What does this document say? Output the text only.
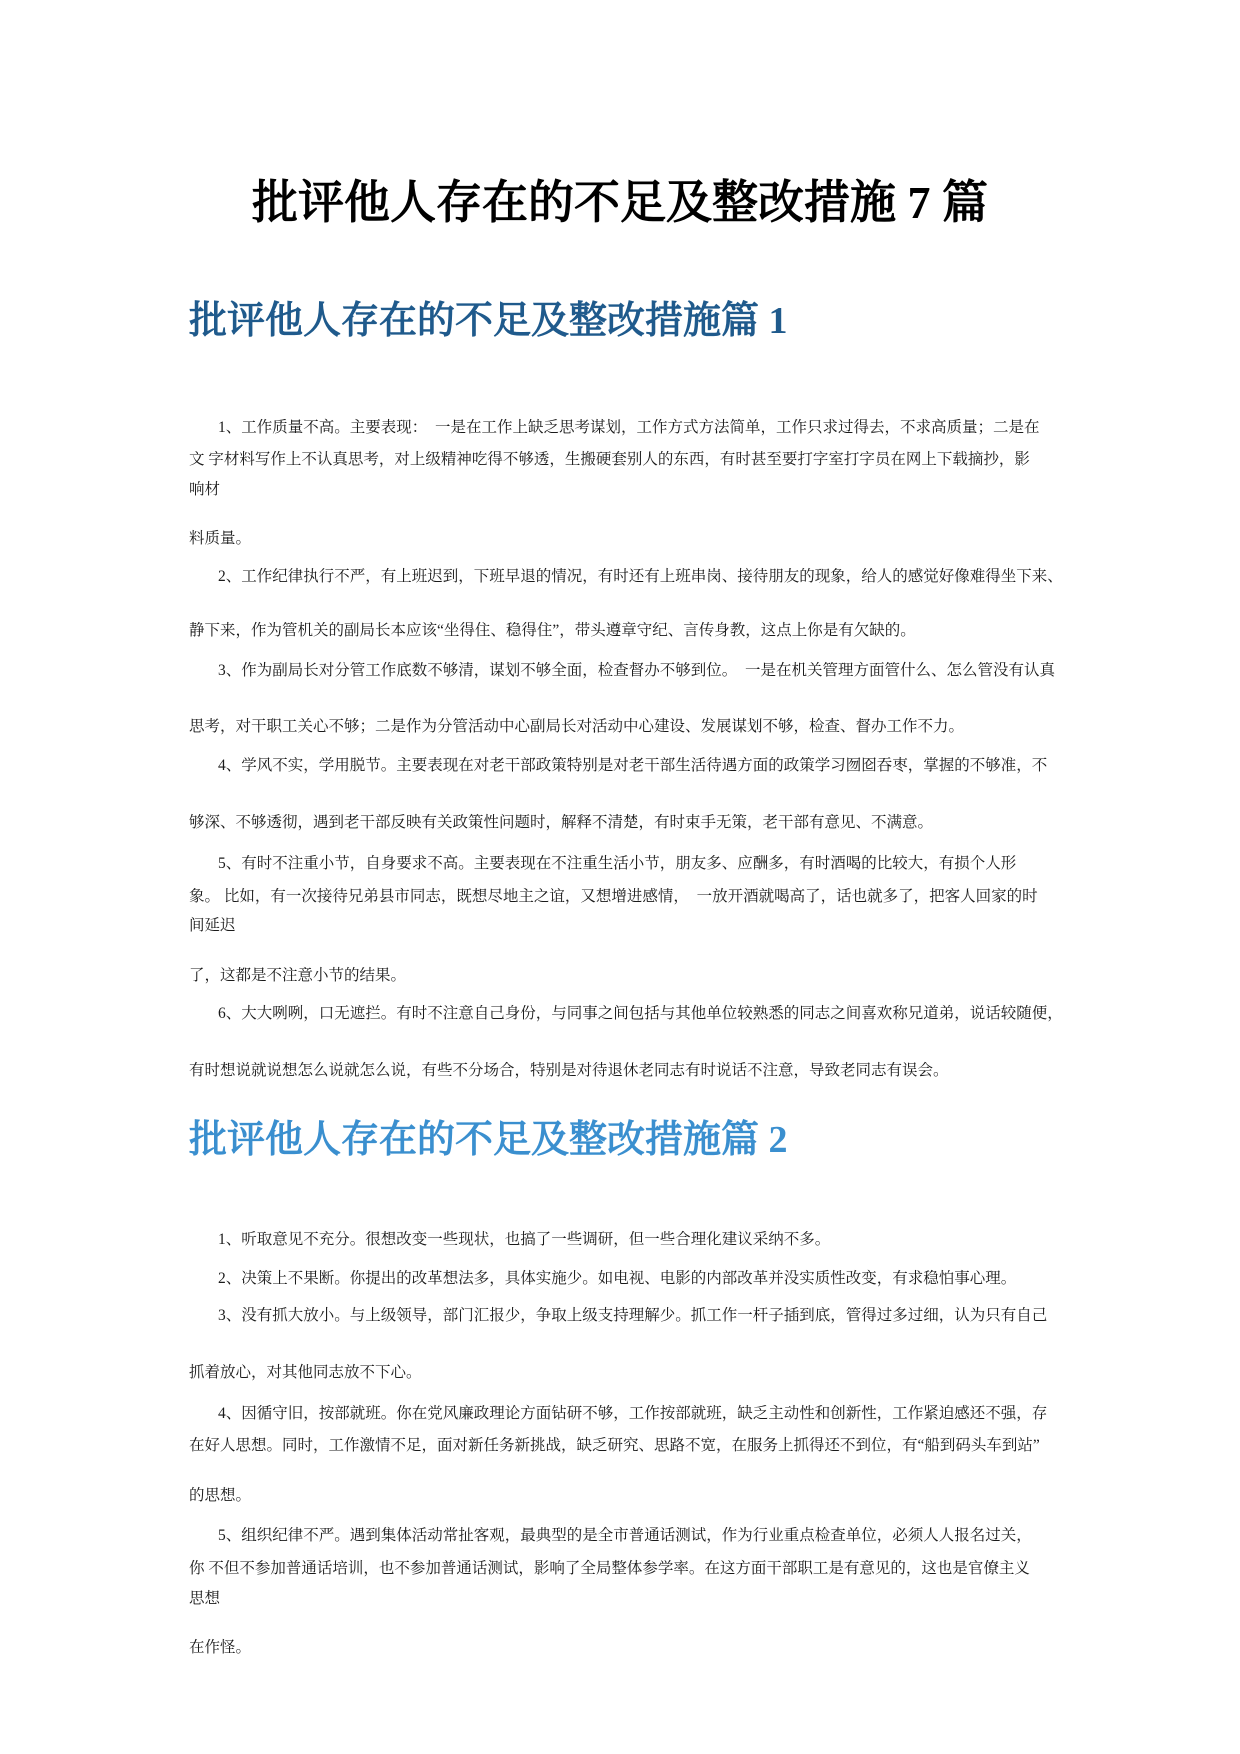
批评他人存在的不足及整改措施 7 篇
批评他人存在的不足及整改措施篇 1
1、工作质量不高。主要表现：　一是在工作上缺乏思考谋划，工作方式方法简单，工作只求过得去，不求高质量；二是在
文 字材料写作上不认真思考，对上级精神吃得不够透，生搬硬套别人的东西，有时甚至要打字室打字员在网上下载摘抄，影
响材
料质量。
2、工作纪律执行不严，有上班迟到，下班早退的情况，有时还有上班串岗、接待朋友的现象，给人的感觉好像难得坐下来、
静下来，作为管机关的副局长本应该“坐得住、稳得住”，带头遵章守纪、言传身教，这点上你是有欠缺的。
3、作为副局长对分管工作底数不够清，谋划不够全面，检查督办不够到位。　一是在机关管理方面管什么、怎么管没有认真
思考，对干职工关心不够；二是作为分管活动中心副局长对活动中心建设、发展谋划不够，检查、督办工作不力。
4、学风不实，学用脱节。主要表现在对老干部政策特别是对老干部生活待遇方面的政策学习囫囵吞枣，掌握的不够准，不
够深、不够透彻，遇到老干部反映有关政策性问题时，解释不清楚，有时束手无策，老干部有意见、不满意。
5、有时不注重小节，自身要求不高。主要表现在不注重生活小节，朋友多、应酬多，有时酒喝的比较大，有损个人形
象。 比如，有一次接待兄弟县市同志，既想尽地主之谊，又想增进感情，　一放开酒就喝高了，话也就多了，把客人回家的时
间延迟
了，这都是不注意小节的结果。
6、大大咧咧，口无遮拦。有时不注意自己身份，与同事之间包括与其他单位较熟悉的同志之间喜欢称兄道弟，说话较随便，
有时想说就说想怎么说就怎么说，有些不分场合，特别是对待退休老同志有时说话不注意，导致老同志有误会。
批评他人存在的不足及整改措施篇 2
1、听取意见不充分。很想改变一些现状，也搞了一些调研，但一些合理化建议采纳不多。
2、决策上不果断。你提出的改革想法多，具体实施少。如电视、电影的内部改革并没实质性改变，有求稳怕事心理。
3、没有抓大放小。与上级领导，部门汇报少，争取上级支持理解少。抓工作一杆子插到底，管得过多过细，认为只有自己
抓着放心，对其他同志放不下心。
4、因循守旧，按部就班。你在党风廉政理论方面钻研不够，工作按部就班，缺乏主动性和创新性，工作紧迫感还不强，存
在好人思想。同时，工作激情不足，面对新任务新挑战，缺乏研究、思路不宽，在服务上抓得还不到位，有“船到码头车到站”
的思想。
5、组织纪律不严。遇到集体活动常扯客观，最典型的是全市普通话测试，作为行业重点检查单位，必须人人报名过关，
你 不但不参加普通话培训，也不参加普通话测试，影响了全局整体参学率。在这方面干部职工是有意见的，这也是官僚主义
思想
在作怪。
